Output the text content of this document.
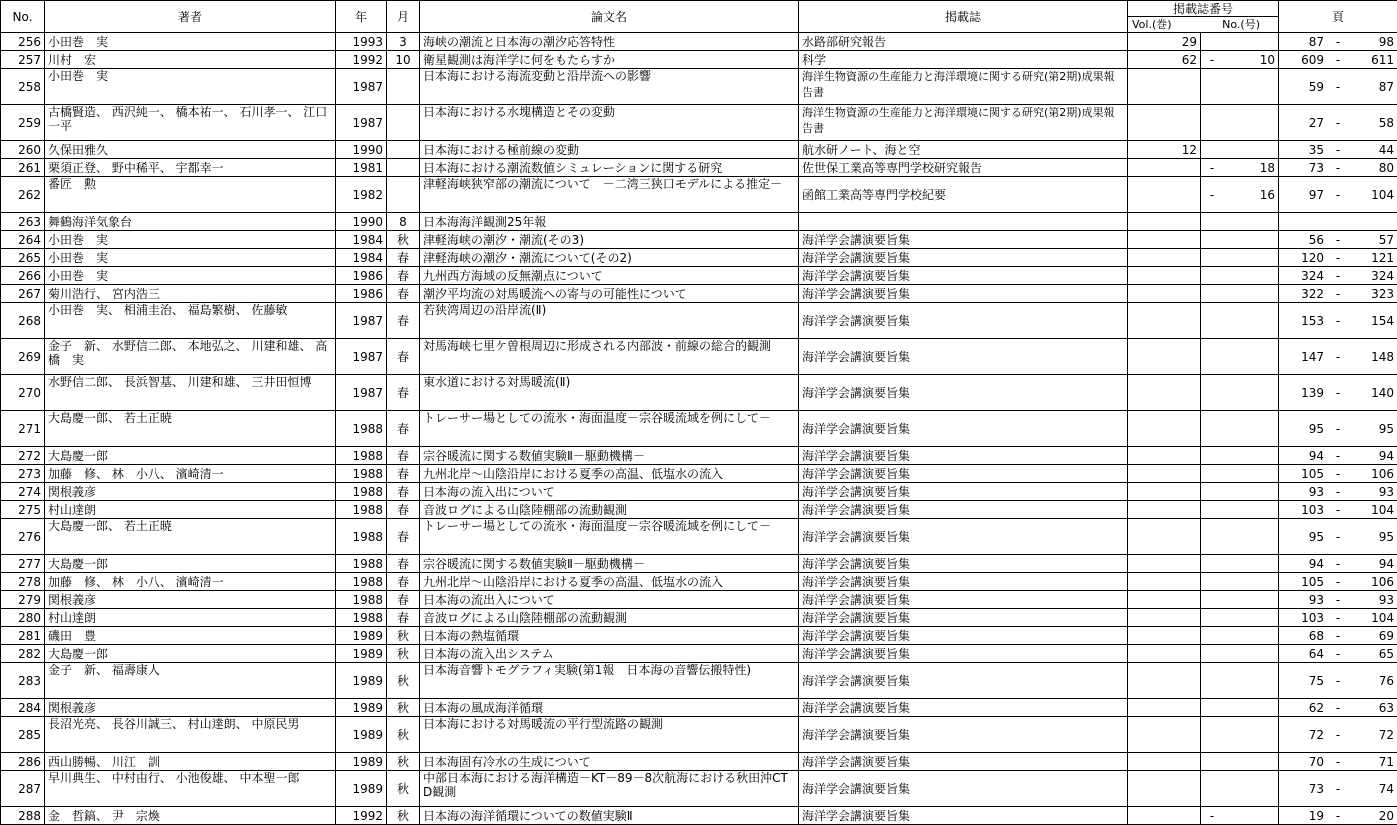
No.	著者	年	月	論文名	掲載誌	掲載誌番号		頁

						Vol.(巻) No.(号)		

256	小田巻　実	1993	3	海峡の潮流と日本海の潮汐応答特性	水路部研究報告	29		87 - 98

257	川村　宏	1992	10	衛星観測は海洋学に何をもたらすか	科学	62	- 10	609 - 611

258	小田巻　実	1987		日本海における海流変動と沿岸流への影響	海洋生物資源の生産能力と海洋環境に関する研究(第2期)成果報告書			59 - 87

259	古橋賢造、 西沢純一、 橋本祐一、 石川孝一、 江口一平	1987		日本海における水塊構造とその変動	海洋生物資源の生産能力と海洋環境に関する研究(第2期)成果報告書			27 - 58

260	久保田雅久	1990		日本海における極前線の変動	航水研ノート、海と空	12		35 - 44

261	栗須正登、 野中稀平、 宇都幸一	1981		日本海における潮流数値シミュレーションに関する研究	佐世保工業高等専門学校研究報告		- 18	73 - 80

262	番匠　勲	1982		津軽海峡狭窄部の潮流について　－二湾三狭口モデルによる推定－	函館工業高等専門学校紀要		- 16	97 - 104

263	舞鶴海洋気象台	1990	8	日本海海洋観測25年報			

264	小田巻　実	1984	秋	津軽海峡の潮汐・潮流(その3)	海洋学会講演要旨集			56 - 57

265	小田巻　実	1984	春	津軽海峡の潮汐・潮流について(その2)	海洋学会講演要旨集			120 - 121

266	小田巻　実	1986	春	九州西方海域の反無潮点について	海洋学会講演要旨集			324 - 324

267	菊川浩行、 宮内浩三	1986	春	潮汐平均流の対馬暖流への寄与の可能性について	海洋学会講演要旨集			322 - 323

268	小田巻　実、 相浦圭治、 福島繁樹、 佐藤敏	1987	春	若狭湾周辺の沿岸流(Ⅱ)	海洋学会講演要旨集			153 - 154

269	金子　新、 水野信二郎、 本地弘之、 川建和雄、 高橋　実	1987	春	対馬海峡七里ケ曽根周辺に形成される内部波・前線の総合的観測	海洋学会講演要旨集			147 - 148

270	水野信二郎、 長浜智基、 川建和雄、 三井田恒博	1987	春	東水道における対馬暖流(Ⅱ)	海洋学会講演要旨集			139 - 140

271	大島慶一郎、 若土正暁	1988	春	トレーサー場としての流氷・海面温度－宗谷暖流域を例にして－	海洋学会講演要旨集			95 - 95

272	大島慶一郎	1988	春	宗谷暖流に関する数値実験Ⅱ－駆動機構－	海洋学会講演要旨集			94 - 94

273	加藤　修、 林　小八、 濱崎清一	1988	春	九州北岸～山陰沿岸における夏季の高温、低塩水の流入	海洋学会講演要旨集			105 - 106

274	関根義彦	1988	春	日本海の流入出について	海洋学会講演要旨集			93 - 93

275	村山達朗	1988	春	音波ログによる山陰陸棚部の流動観測	海洋学会講演要旨集			103 - 104

276	大島慶一郎、 若土正暁	1988	春	トレーサー場としての流氷・海面温度－宗谷暖流域を例にして－	海洋学会講演要旨集			95 - 95

277	大島慶一郎	1988	春	宗谷暖流に関する数値実験Ⅱ－駆動機構－	海洋学会講演要旨集			94 - 94

278	加藤　修、 林　小八、 濱崎清一	1988	春	九州北岸～山陰沿岸における夏季の高温、低塩水の流入	海洋学会講演要旨集			105 - 106

279	関根義彦	1988	春	日本海の流出入について	海洋学会講演要旨集			93 - 93

280	村山達朗	1988	春	音波ログによる山陰陸棚部の流動観測	海洋学会講演要旨集			103 - 104

281	磯田　豊	1989	秋	日本海の熱塩循環	海洋学会講演要旨集			68 - 69

282	大島慶一郎	1989	秋	日本海の流入出システム	海洋学会講演要旨集			64 - 65

283	金子　新、 福壽康人	1989	秋	日本海音響トモグラフィ実験(第1報　日本海の音響伝搬特性)	海洋学会講演要旨集			75 - 76

284	関根義彦	1989	秋	日本海の風成海洋循環	海洋学会講演要旨集			62 - 63

285	長沼光亮、 長谷川誠三、 村山達朗、 中原民男	1989	秋	日本海における対馬暖流の平行型流路の観測	海洋学会講演要旨集			72 - 72

286	西山勝暢、 川江　訓	1989	秋	日本海固有冷水の生成について	海洋学会講演要旨集			70 - 71

287	早川典生、 中村由行、 小池俊雄、 中本聖一郎	1989	秋	中部日本海における海洋構造－KT－89－8次航海における秋田沖CTD観測	海洋学会講演要旨集			73 - 74

288	金　哲鎬、 尹　宗煥	1992	秋	日本海の海洋循環についての数値実験Ⅱ	海洋学会講演要旨集		-	19 - 20
